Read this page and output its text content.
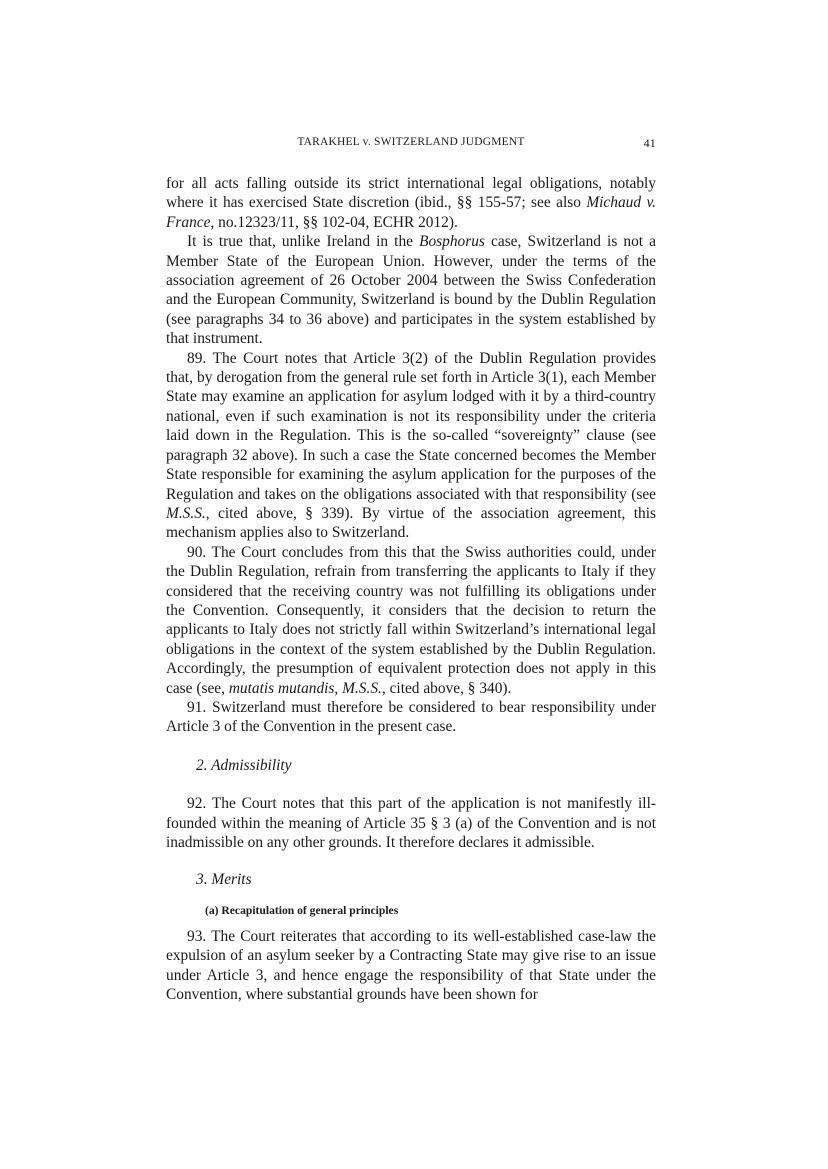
TARAKHEL v. SWITZERLAND JUDGMENT	41

for all acts falling outside its strict international legal obligations, notably where it has exercised State discretion (ibid., §§ 155-57; see also Michaud v. France, no.12323/11, §§ 102-04, ECHR 2012).

It is true that, unlike Ireland in the Bosphorus case, Switzerland is not a Member State of the European Union. However, under the terms of the association agreement of 26 October 2004 between the Swiss Confederation and the European Community, Switzerland is bound by the Dublin Regulation (see paragraphs 34 to 36 above) and participates in the system established by that instrument.

89. The Court notes that Article 3(2) of the Dublin Regulation provides that, by derogation from the general rule set forth in Article 3(1), each Member State may examine an application for asylum lodged with it by a third-country national, even if such examination is not its responsibility under the criteria laid down in the Regulation. This is the so-called “sovereignty” clause (see paragraph 32 above). In such a case the State concerned becomes the Member State responsible for examining the asylum application for the purposes of the Regulation and takes on the obligations associated with that responsibility (see M.S.S., cited above, § 339). By virtue of the association agreement, this mechanism applies also to Switzerland.

90. The Court concludes from this that the Swiss authorities could, under the Dublin Regulation, refrain from transferring the applicants to Italy if they considered that the receiving country was not fulfilling its obligations under the Convention. Consequently, it considers that the decision to return the applicants to Italy does not strictly fall within Switzerland’s international legal obligations in the context of the system established by the Dublin Regulation. Accordingly, the presumption of equivalent protection does not apply in this case (see, mutatis mutandis, M.S.S., cited above, § 340).

91. Switzerland must therefore be considered to bear responsibility under Article 3 of the Convention in the present case.

2. Admissibility

92. The Court notes that this part of the application is not manifestly ill-founded within the meaning of Article 35 § 3 (a) of the Convention and is not inadmissible on any other grounds. It therefore declares it admissible.

3. Merits
(a) Recapitulation of general principles

93. The Court reiterates that according to its well-established case-law the expulsion of an asylum seeker by a Contracting State may give rise to an issue under Article 3, and hence engage the responsibility of that State under the Convention, where substantial grounds have been shown for
